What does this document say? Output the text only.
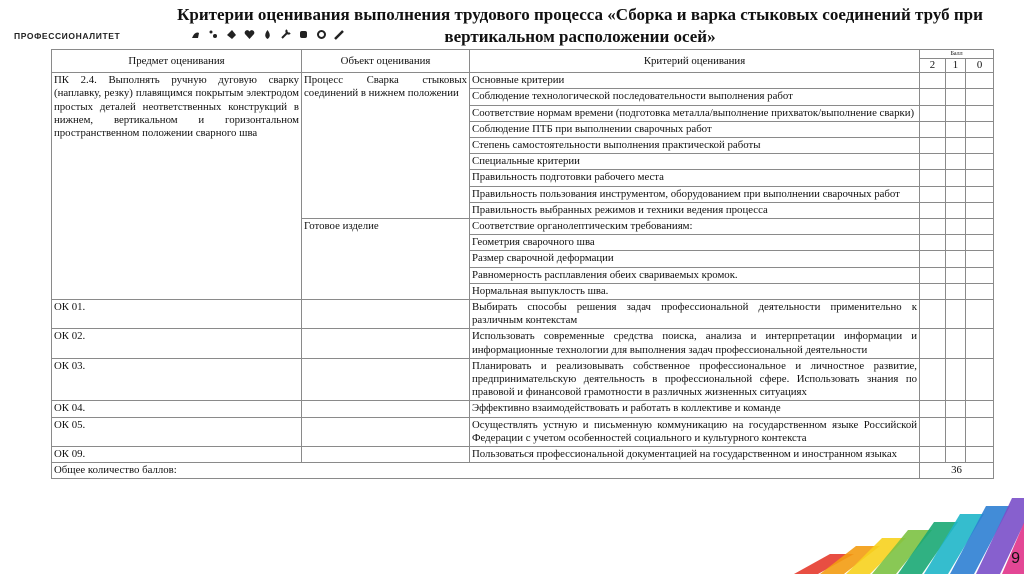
Критерии оценивания выполнения трудового процесса «Сборка и варка стыковых соединений труб при
вертикальном расположении осей»
ПРОФЕССИОНАЛИТЕТ
Предмет оценивания	Объект оценивания	Критерий оценивания	Балл		
			2	1	0
ПК 2.4. Выполнять ручную дуговую сварку (наплавку, резку) плавящимся покрытым электродом простых деталей неответственных конструкций в нижнем, вертикальном и горизонтальном пространственном положении сварного шва	Процесс Сварка стыковых соединений в нижнем положении	Основные критерии			
		Соблюдение технологической последовательности выполнения работ			
		Соответствие нормам времени (подготовка металла/выполнение прихваток/выполнение сварки)			
		Соблюдение ПТБ при выполнении сварочных работ			
		Степень самостоятельности выполнения практической работы			
		Специальные критерии			
		Правильность подготовки рабочего места			
		Правильность пользования инструментом, оборудованием при выполнении сварочных работ			
		Правильность выбранных режимов и техники ведения процесса			
	Готовое изделие	Соответствие органолептическим требованиям:			
		Геометрия сварочного шва			
		Размер сварочной деформации			
		Равномерность расплавления обеих свариваемых кромок.			
		Нормальная выпуклость шва.			
ОК 01.		Выбирать способы решения задач профессиональной деятельности применительно к различным контекстам			
ОК 02.		Использовать современные средства поиска, анализа и интерпретации информации и информационные технологии для выполнения задач профессиональной деятельности			
ОК 03.		Планировать и реализовывать собственное профессиональное и личностное развитие, предпринимательскую деятельность в профессиональной сфере. Использовать знания по правовой и финансовой грамотности в различных жизненных ситуациях			
ОК 04.		Эффективно взаимодействовать и работать в коллективе и команде			
ОК 05.		Осуществлять устную и письменную коммуникацию на государственном языке Российской Федерации с учетом особенностей социального и культурного контекста			
ОК 09.		Пользоваться профессиональной документацией на государственном и иностранном языках			
Общее количество баллов:			36		
9
